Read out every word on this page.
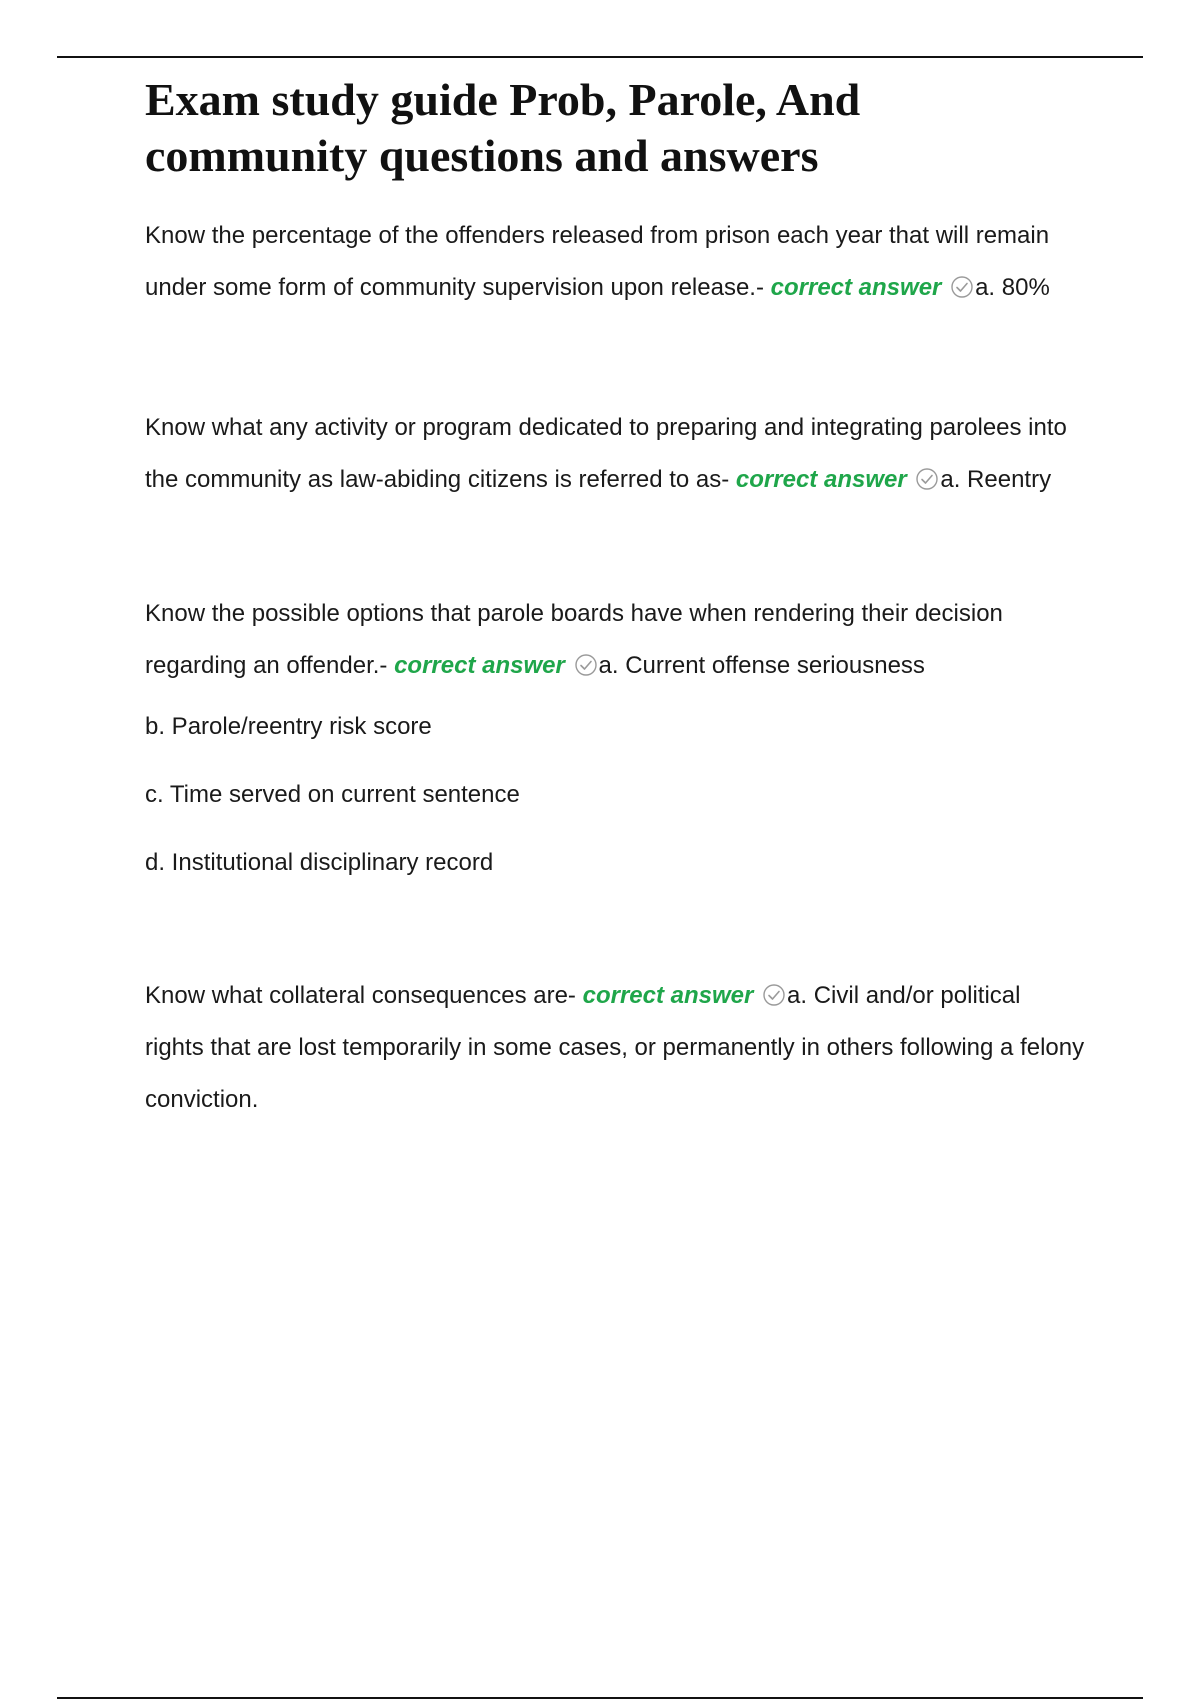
Exam study guide Prob, Parole, And community questions and answers

Know the percentage of the offenders released from prison each year that will remain under some form of community supervision upon release.- correct answer a. 80%

Know what any activity or program dedicated to preparing and integrating parolees into the community as law-abiding citizens is referred to as- correct answer a. Reentry

Know the possible options that parole boards have when rendering their decision regarding an offender.- correct answer a. Current offense seriousness

b. Parole/reentry risk score

c. Time served on current sentence

d. Institutional disciplinary record

Know what collateral consequences are- correct answer a. Civil and/or political rights that are lost temporarily in some cases, or permanently in others following a felony conviction.
